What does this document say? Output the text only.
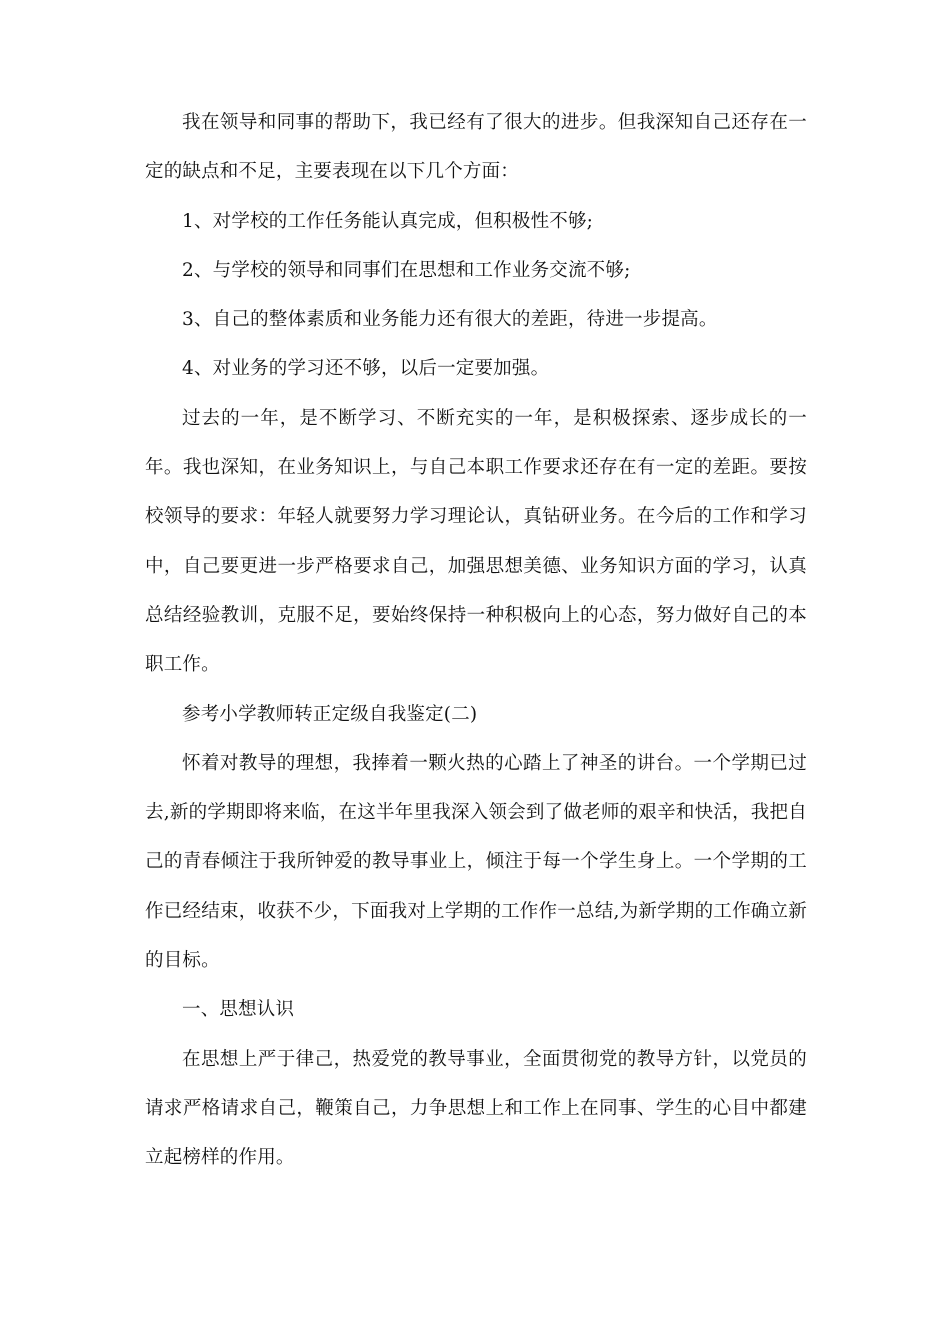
我在领导和同事的帮助下，我已经有了很大的进步。但我深知自己还存在一定的缺点和不足，主要表现在以下几个方面：

1、对学校的工作任务能认真完成，但积极性不够;

2、与学校的领导和同事们在思想和工作业务交流不够;

3、自己的整体素质和业务能力还有很大的差距，待进一步提高。

4、对业务的学习还不够，以后一定要加强。

过去的一年，是不断学习、不断充实的一年，是积极探索、逐步成长的一年。我也深知，在业务知识上，与自己本职工作要求还存在有一定的差距。要按校领导的要求：年轻人就要努力学习理论认，真钻研业务。在今后的工作和学习中，自己要更进一步严格要求自己，加强思想美德、业务知识方面的学习，认真总结经验教训，克服不足，要始终保持一种积极向上的心态，努力做好自己的本职工作。

参考小学教师转正定级自我鉴定(二)

怀着对教导的理想，我捧着一颗火热的心踏上了神圣的讲台。一个学期已过去,新的学期即将来临，在这半年里我深入领会到了做老师的艰辛和快活，我把自己的青春倾注于我所钟爱的教导事业上，倾注于每一个学生身上。一个学期的工作已经结束，收获不少，下面我对上学期的工作作一总结,为新学期的工作确立新的目标。

一、思想认识

在思想上严于律己，热爱党的教导事业，全面贯彻党的教导方针，以党员的请求严格请求自己，鞭策自己，力争思想上和工作上在同事、学生的心目中都建立起榜样的作用。
